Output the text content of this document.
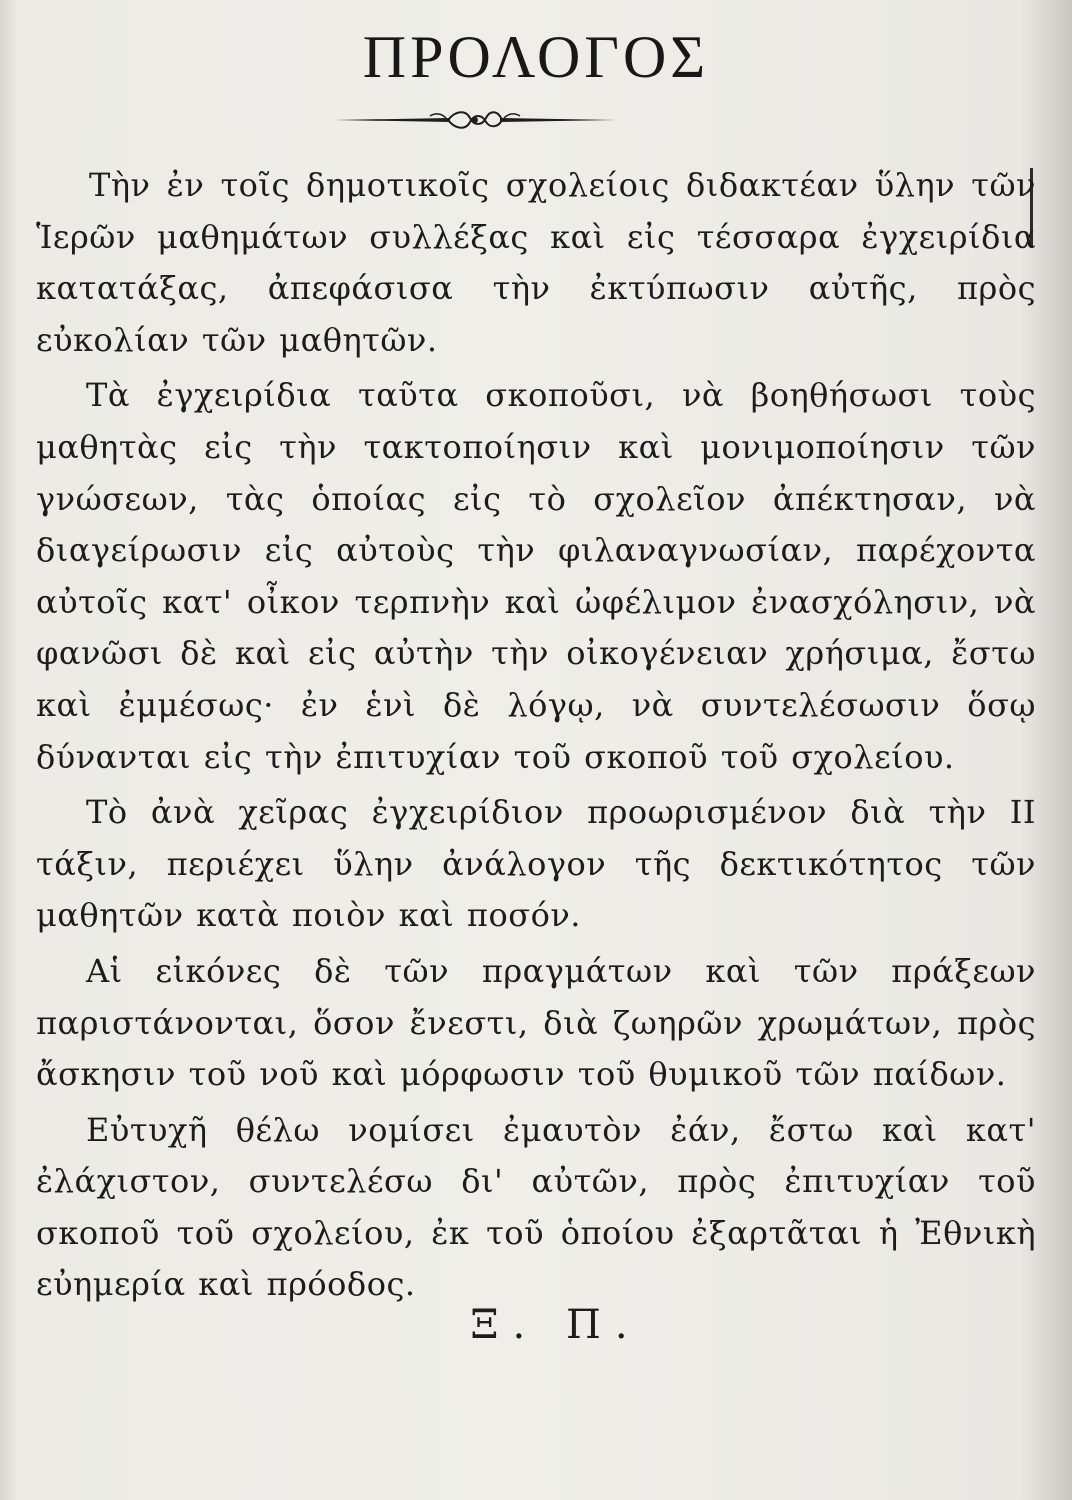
ΠΡΟΛΟΓΟΣ

Τὴν ἐν τοῖς δημοτικοῖς σχολείοις διδακτέαν ὕλην τῶν Ἱερῶν μαθημάτων συλλέξας καὶ εἰς τέσσαρα ἐγχειρίδια κατατάξας, ἀπεφάσισα τὴν ἐκτύπωσιν αὐτῆς, πρὸς εὐκολίαν τῶν μαθητῶν.

Τὰ ἐγχειρίδια ταῦτα σκοποῦσι, νὰ βοηθήσωσι τοὺς μαθητὰς εἰς τὴν τακτοποίησιν καὶ μονιμοποίησιν τῶν γνώσεων, τὰς ὁποίας εἰς τὸ σχολεῖον ἀπέκτησαν, νὰ διαγείρωσιν εἰς αὐτοὺς τὴν φιλαναγνωσίαν, παρέχοντα αὐτοῖς κατ' οἶκον τερπνὴν καὶ ὠφέλιμον ἐνασχόλησιν, νὰ φανῶσι δὲ καὶ εἰς αὐτὴν τὴν οἰκογένειαν χρήσιμα, ἔστω καὶ ἐμμέσως· ἐν ἑνὶ δὲ λόγῳ, νὰ συντελέσωσιν ὅσῳ δύνανται εἰς τὴν ἐπιτυχίαν τοῦ σκοποῦ τοῦ σχολείου.

Τὸ ἀνὰ χεῖρας ἐγχειρίδιον προωρισμένον διὰ τὴν ΙΙ τάξιν, περιέχει ὕλην ἀνάλογον τῆς δεκτικότητος τῶν μαθητῶν κατὰ ποιὸν καὶ ποσόν.

Αἱ εἰκόνες δὲ τῶν πραγμάτων καὶ τῶν πράξεων παριστάνονται, ὅσον ἔνεστι, διὰ ζωηρῶν χρωμάτων, πρὸς ἄσκησιν τοῦ νοῦ καὶ μόρφωσιν τοῦ θυμικοῦ τῶν παίδων.

Εὐτυχῆ θέλω νομίσει ἐμαυτὸν ἐάν, ἔστω καὶ κατ' ἐλάχιστον, συντελέσω δι' αὐτῶν, πρὸς ἐπιτυχίαν τοῦ σκοποῦ τοῦ σχολείου, ἐκ τοῦ ὁποίου ἐξαρτᾶται ἡ Ἐθνικὴ εὐημερία καὶ πρόοδος.

Ξ. Π.
